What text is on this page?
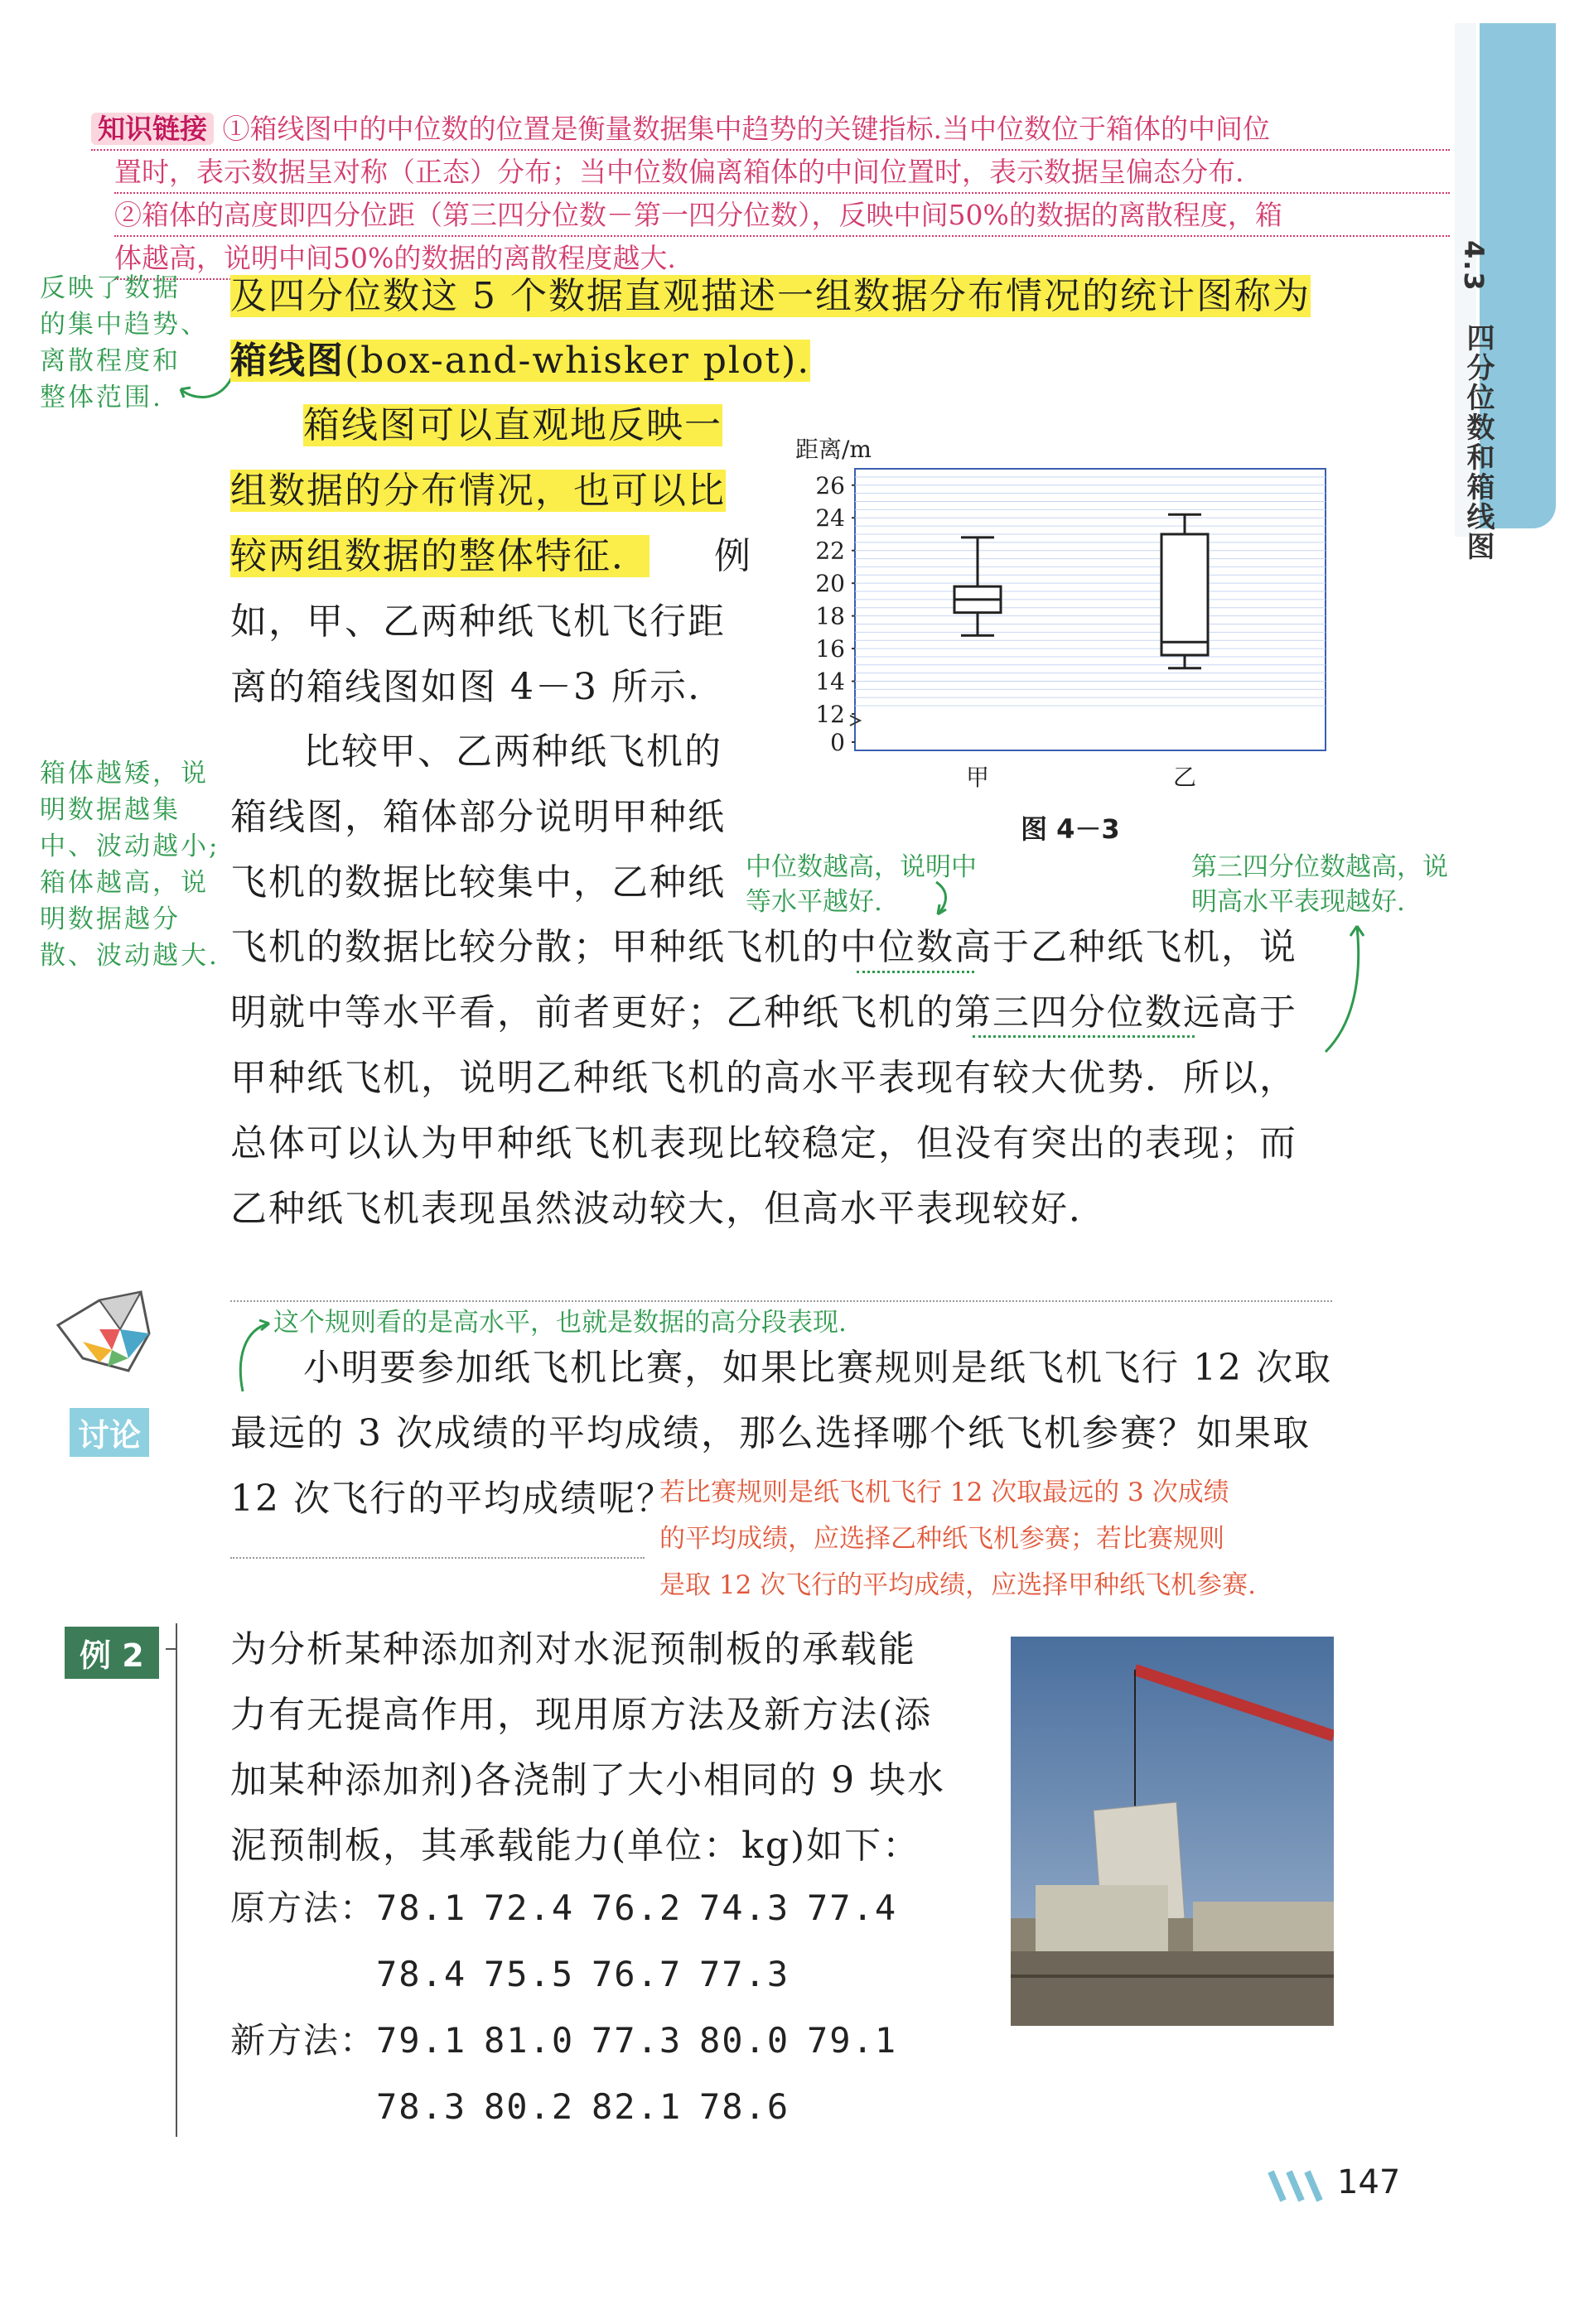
4.3
四分位数和箱线图
知识链接 ①箱线图中的中位数的位置是衡量数据集中趋势的关键指标.当中位数位于箱体的中间位
置时，表示数据呈对称（正态）分布；当中位数偏离箱体的中间位置时，表示数据呈偏态分布.
②箱体的高度即四分位距（第三四分位数－第一四分位数），反映中间50%的数据的离散程度，箱
体越高，说明中间50%的数据的离散程度越大.
反映了数据
的集中趋势、
离散程度和
整体范围.
及四分位数这 5 个数据直观描述一组数据分布情况的统计图称为
箱线图(box-and-whisker plot).
箱线图可以直观地反映一
组数据的分布情况，也可以比
较两组数据的整体特征． 例
如，甲、乙两种纸飞机飞行距
离的箱线图如图 4－3 所示.
比较甲、乙两种纸飞机的
箱线图，箱体部分说明甲种纸
飞机的数据比较集中，乙种纸
箱体越矮，说
明数据越集
中、波动越小;
箱体越高，说
明数据越分
散、波动越大.
中位数越高，说明中
等水平越好.
第三四分位数越高，说
明高水平表现越好.
飞机的数据比较分散；甲种纸飞机的中位数高于乙种纸飞机，说
明就中等水平看，前者更好；乙种纸飞机的第三四分位数远高于
甲种纸飞机，说明乙种纸飞机的高水平表现有较大优势．所以，
总体可以认为甲种纸飞机表现比较稳定，但没有突出的表现；而
乙种纸飞机表现虽然波动较大，但高水平表现较好．
0
12
14
16
18
20
22
24
26
距离/m
甲	乙
图 4－3
讨论
这个规则看的是高水平，也就是数据的高分段表现.
小明要参加纸飞机比赛，如果比赛规则是纸飞机飞行 12 次取
最远的 3 次成绩的平均成绩，那么选择哪个纸飞机参赛？如果取
12 次飞行的平均成绩呢？
若比赛规则是纸飞机飞行 12 次取最远的 3 次成绩
的平均成绩，应选择乙种纸飞机参赛；若比赛规则
是取 12 次飞行的平均成绩，应选择甲种纸飞机参赛.
例 2	为分析某种添加剂对水泥预制板的承载能
力有无提高作用，现用原方法及新方法(添
加某种添加剂)各浇制了大小相同的 9 块水
泥预制板，其承载能力(单位：kg)如下：
原方法：78.1 72.4 76.2 74.3 77.4
78.4 75.5 76.7 77.3
新方法：79.1 81.0 77.3 80.0 79.1
78.3 80.2 82.1 78.6
147
